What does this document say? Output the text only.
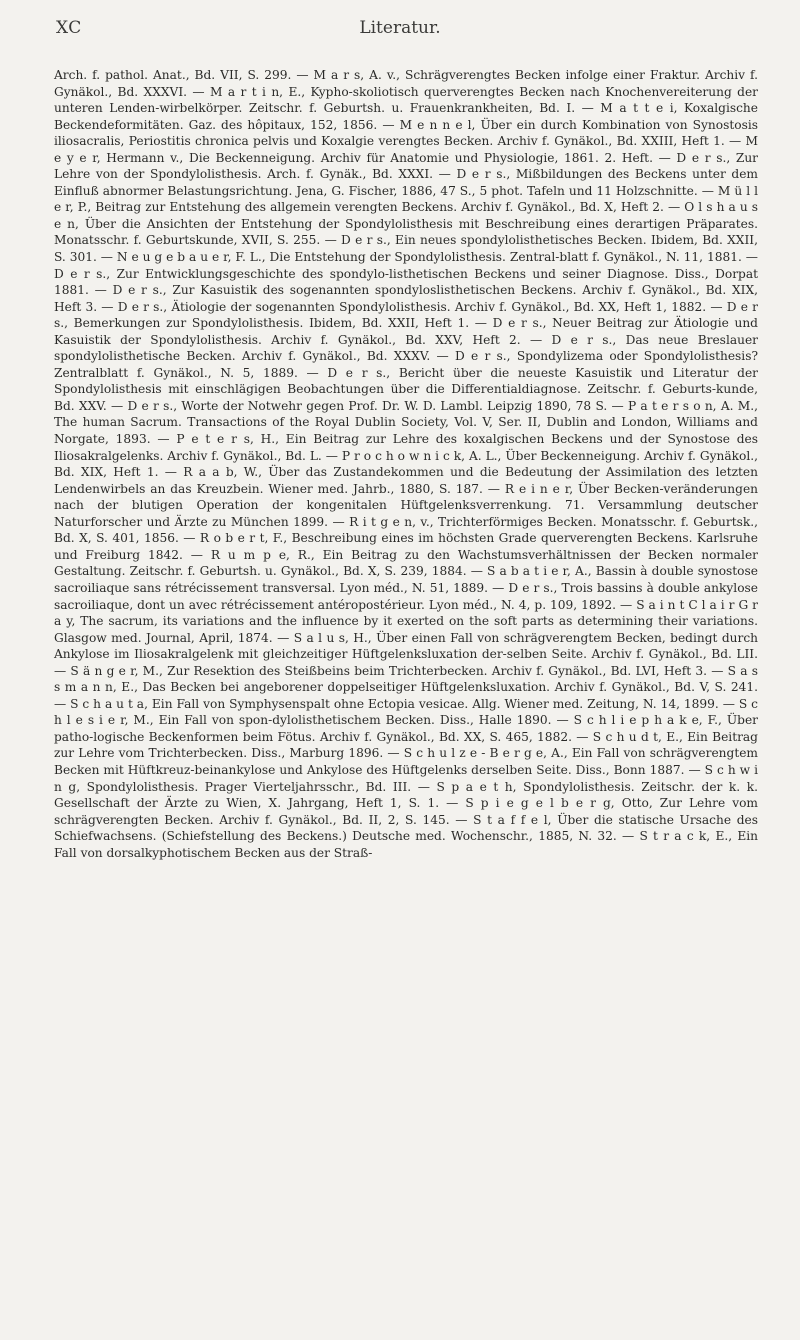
XC	Literatur.

Arch. f. pathol. Anat., Bd. VII, S. 299. — M a r s, A. v., Schrägverengtes Becken infolge einer Fraktur. Archiv f. Gynäkol., Bd. XXXVI. — M a r t i n, E., Kypho-skoliotisch querverengtes Becken nach Knochenvereiterung der unteren Lenden-wirbelkörper. Zeitschr. f. Geburtsh. u. Frauenkrankheiten, Bd. I. — M a t t e i, Koxalgische Beckendeformitäten. Gaz. des hôpitaux, 152, 1856. — M e n n e l, Über ein durch Kombination von Synostosis iliosacralis, Periostitis chronica pelvis und Koxalgie verengtes Becken. Archiv f. Gynäkol., Bd. XXIII, Heft 1. — M e y e r, Hermann v., Die Beckenneigung. Archiv für Anatomie und Physiologie, 1861. 2. Heft. — D e r s., Zur Lehre von der Spondylolisthesis. Arch. f. Gynäk., Bd. XXXI. — D e r s., Mißbildungen des Beckens unter dem Einfluß abnormer Belastungsrichtung. Jena, G. Fischer, 1886, 47 S., 5 phot. Tafeln und 11 Holzschnitte. — M ü l l e r, P., Beitrag zur Entstehung des allgemein verengten Beckens. Archiv f. Gynäkol., Bd. X, Heft 2. — O l s h a u s e n, Über die Ansichten der Entstehung der Spondylolisthesis mit Beschreibung eines derartigen Präparates. Monatsschr. f. Geburtskunde, XVII, S. 255. — D e r s., Ein neues spondylolisthetisches Becken. Ibidem, Bd. XXII, S. 301. — N e u g e b a u e r, F. L., Die Entstehung der Spondylolisthesis. Zentral-blatt f. Gynäkol., N. 11, 1881. — D e r s., Zur Entwicklungsgeschichte des spondylo-listhetischen Beckens und seiner Diagnose. Diss., Dorpat 1881. — D e r s., Zur Kasuistik des sogenannten spondyloslisthetischen Beckens. Archiv f. Gynäkol., Bd. XIX, Heft 3. — D e r s., Ätiologie der sogenannten Spondylolisthesis. Archiv f. Gynäkol., Bd. XX, Heft 1, 1882. — D e r s., Bemerkungen zur Spondylolisthesis. Ibidem, Bd. XXII, Heft 1. — D e r s., Neuer Beitrag zur Ätiologie und Kasuistik der Spondylolisthesis. Archiv f. Gynäkol., Bd. XXV, Heft 2. — D e r s., Das neue Breslauer spondylolisthetische Becken. Archiv f. Gynäkol., Bd. XXXV. — D e r s., Spondylizema oder Spondylolisthesis? Zentralblatt f. Gynäkol., N. 5, 1889. — D e r s., Bericht über die neueste Kasuistik und Literatur der Spondylolisthesis mit einschlägigen Beobachtungen über die Differentialdiagnose. Zeitschr. f. Geburts-kunde, Bd. XXV. — D e r s., Worte der Notwehr gegen Prof. Dr. W. D. Lambl. Leipzig 1890, 78 S. — P a t e r s o n, A. M., The human Sacrum. Transactions of the Royal Dublin Society, Vol. V, Ser. II, Dublin and London, Williams and Norgate, 1893. — P e t e r s, H., Ein Beitrag zur Lehre des koxalgischen Beckens und der Synostose des Iliosakralgelenks. Archiv f. Gynäkol., Bd. L. — P r o c h o w n i c k, A. L., Über Beckenneigung. Archiv f. Gynäkol., Bd. XIX, Heft 1. — R a a b, W., Über das Zustandekommen und die Bedeutung der Assimilation des letzten Lendenwirbels an das Kreuzbein. Wiener med. Jahrb., 1880, S. 187. — R e i n e r, Über Becken-veränderungen nach der blutigen Operation der kongenitalen Hüftgelenksverrenkung. 71. Versammlung deutscher Naturforscher und Ärzte zu München 1899. — R i t g e n, v., Trichterförmiges Becken. Monatsschr. f. Geburtsk., Bd. X, S. 401, 1856. — R o b e r t, F., Beschreibung eines im höchsten Grade querverengten Beckens. Karlsruhe und Freiburg 1842. — R u m p e, R., Ein Beitrag zu den Wachstumsverhältnissen der Becken normaler Gestaltung. Zeitschr. f. Geburtsh. u. Gynäkol., Bd. X, S. 239, 1884. — S a b a t i e r, A., Bassin à double synostose sacroiliaque sans rétrécissement transversal. Lyon méd., N. 51, 1889. — D e r s., Trois bassins à double ankylose sacroiliaque, dont un avec rétrécissement antéropostérieur. Lyon méd., N. 4, p. 109, 1892. — S a i n t C l a i r G r a y, The sacrum, its variations and the influence by it exerted on the soft parts as determining their variations. Glasgow med. Journal, April, 1874. — S a l u s, H., Über einen Fall von schrägverengtem Becken, bedingt durch Ankylose im Iliosakralgelenk mit gleichzeitiger Hüftgelenksluxation der-selben Seite. Archiv f. Gynäkol., Bd. LII. — S ä n g e r, M., Zur Resektion des Steißbeins beim Trichterbecken. Archiv f. Gynäkol., Bd. LVI, Heft 3. — S a s s m a n n, E., Das Becken bei angeborener doppelseitiger Hüftgelenksluxation. Archiv f. Gynäkol., Bd. V, S. 241. — S c h a u t a, Ein Fall von Symphysenspalt ohne Ectopia vesicae. Allg. Wiener med. Zeitung, N. 14, 1899. — S c h l e s i e r, M., Ein Fall von spon-dylolisthetischem Becken. Diss., Halle 1890. — S c h l i e p h a k e, F., Über patho-logische Beckenformen beim Fötus. Archiv f. Gynäkol., Bd. XX, S. 465, 1882. — S c h u d t, E., Ein Beitrag zur Lehre vom Trichterbecken. Diss., Marburg 1896. — S c h u l z e - B e r g e, A., Ein Fall von schrägverengtem Becken mit Hüftkreuz-beinankylose und Ankylose des Hüftgelenks derselben Seite. Diss., Bonn 1887. — S c h w i n g, Spondylolisthesis. Prager Vierteljahrsschr., Bd. III. — S p a e t h, Spondylolisthesis. Zeitschr. der k. k. Gesellschaft der Ärzte zu Wien, X. Jahrgang, Heft 1, S. 1. — S p i e g e l b e r g, Otto, Zur Lehre vom schrägverengten Becken. Archiv f. Gynäkol., Bd. II, 2, S. 145. — S t a f f e l, Über die statische Ursache des Schiefwachsens. (Schiefstellung des Beckens.) Deutsche med. Wochenschr., 1885, N. 32. — S t r a c k, E., Ein Fall von dorsalkyphotischem Becken aus der Straß-
